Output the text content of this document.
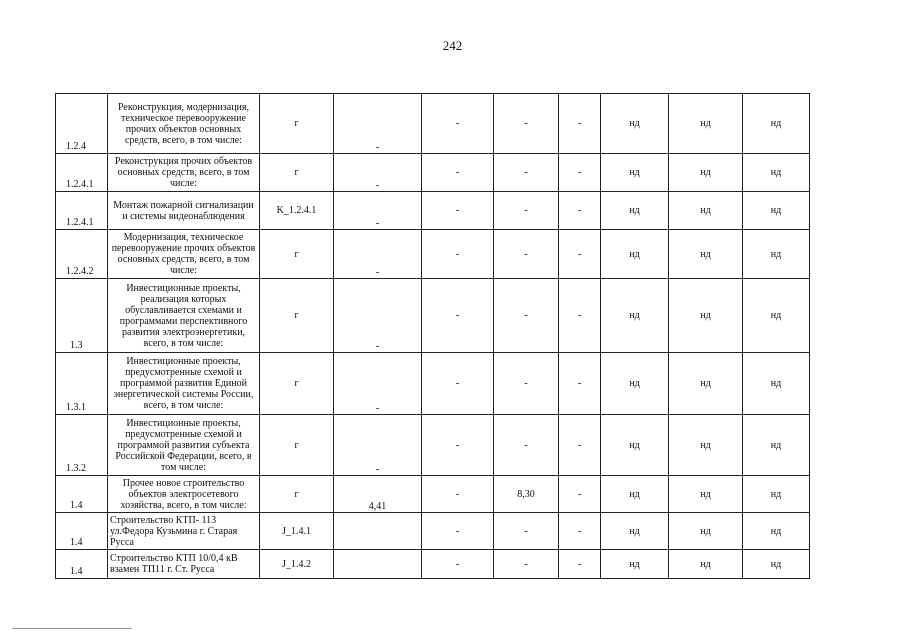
242
1.2.4	Реконструкция, модернизация, техническое перевооружение прочих объектов основных средств, всего, в том числе:	г	-	-	-	-	нд	нд	нд
1.2.4.1	Реконструкция прочих объектов основных средств, всего, в том числе:	г	-	-	-	-	нд	нд	нд
1.2.4.1	Монтаж пожарной сигнализации и системы видеонаблюдения	K_1.2.4.1	-	-	-	-	нд	нд	нд
1.2.4.2	Модернизация, техническое перевооружение прочих объектов основных средств, всего, в том числе:	г	-	-	-	-	нд	нд	нд
1.3	Инвестиционные проекты, реализация которых обуславливается схемами и программами перспективного развития электроэнергетики, всего, в том числе:	г	-	-	-	-	нд	нд	нд
1.3.1	Инвестиционные проекты, предусмотренные схемой и программой развития Единой энергетической системы России, всего, в том числе:	г	-	-	-	-	нд	нд	нд
1.3.2	Инвестиционные проекты, предусмотренные схемой и программой развития субъекта Российской Федерации, всего, в том числе:	г	-	-	-	-	нд	нд	нд
1.4	Прочее новое строительство объектов электросетевого хозяйства, всего, в том числе:	г	4,41	-	8,30	-	нд	нд	нд
1.4	Строительство КТП- 113 ул.Федора Кузьмина г. Старая Русса	J_1.4.1		-	-	-	нд	нд	нд
1.4	Строительство КТП 10/0,4 кВ взамен ТП11 г. Ст. Русса	J_1.4.2		-	-	-	нд	нд	нд
